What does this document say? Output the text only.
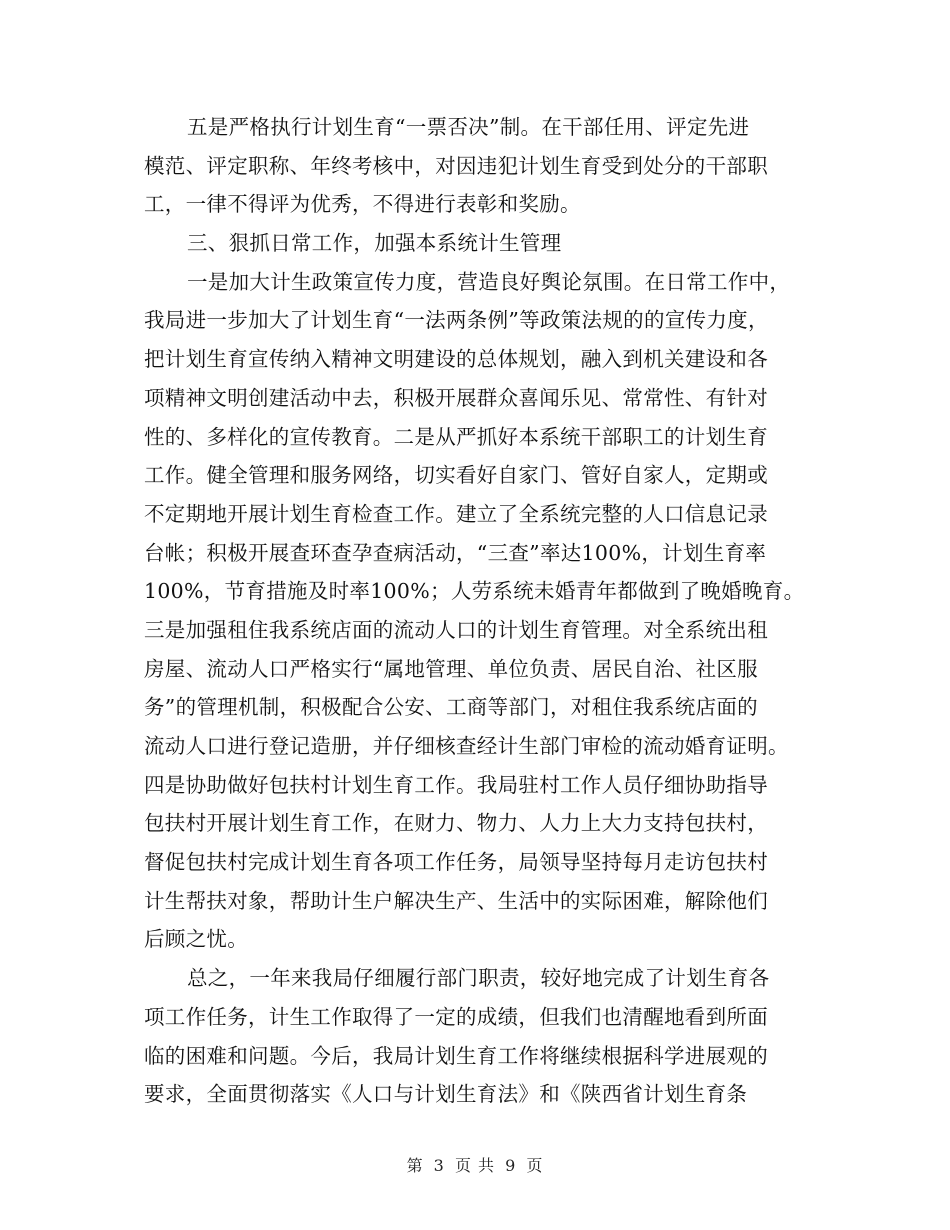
五是严格执行计划生育“一票否决”制。在干部任用、评定先进
模范、评定职称、年终考核中，对因违犯计划生育受到处分的干部职
工，一律不得评为优秀，不得进行表彰和奖励。
三、狠抓日常工作，加强本系统计生管理
一是加大计生政策宣传力度，营造良好舆论氛围。在日常工作中，
我局进一步加大了计划生育“一法两条例”等政策法规的的宣传力度，
把计划生育宣传纳入精神文明建设的总体规划，融入到机关建设和各
项精神文明创建活动中去，积极开展群众喜闻乐见、常常性、有针对
性的、多样化的宣传教育。二是从严抓好本系统干部职工的计划生育
工作。健全管理和服务网络，切实看好自家门、管好自家人，定期或
不定期地开展计划生育检查工作。建立了全系统完整的人口信息记录
台帐；积极开展查环查孕查病活动，“三查”率达100%，计划生育率
100%，节育措施及时率100%；人劳系统未婚青年都做到了晚婚晚育。
三是加强租住我系统店面的流动人口的计划生育管理。对全系统出租
房屋、流动人口严格实行“属地管理、单位负责、居民自治、社区服
务”的管理机制，积极配合公安、工商等部门，对租住我系统店面的
流动人口进行登记造册，并仔细核查经计生部门审检的流动婚育证明。
四是协助做好包扶村计划生育工作。我局驻村工作人员仔细协助指导
包扶村开展计划生育工作，在财力、物力、人力上大力支持包扶村，
督促包扶村完成计划生育各项工作任务，局领导坚持每月走访包扶村
计生帮扶对象，帮助计生户解决生产、生活中的实际困难，解除他们
后顾之忧。
总之，一年来我局仔细履行部门职责，较好地完成了计划生育各
项工作任务，计生工作取得了一定的成绩，但我们也清醒地看到所面
临的困难和问题。今后，我局计划生育工作将继续根据科学进展观的
要求，全面贯彻落实《人口与计划生育法》和《陕西省计划生育条
第 3 页 共 9 页
